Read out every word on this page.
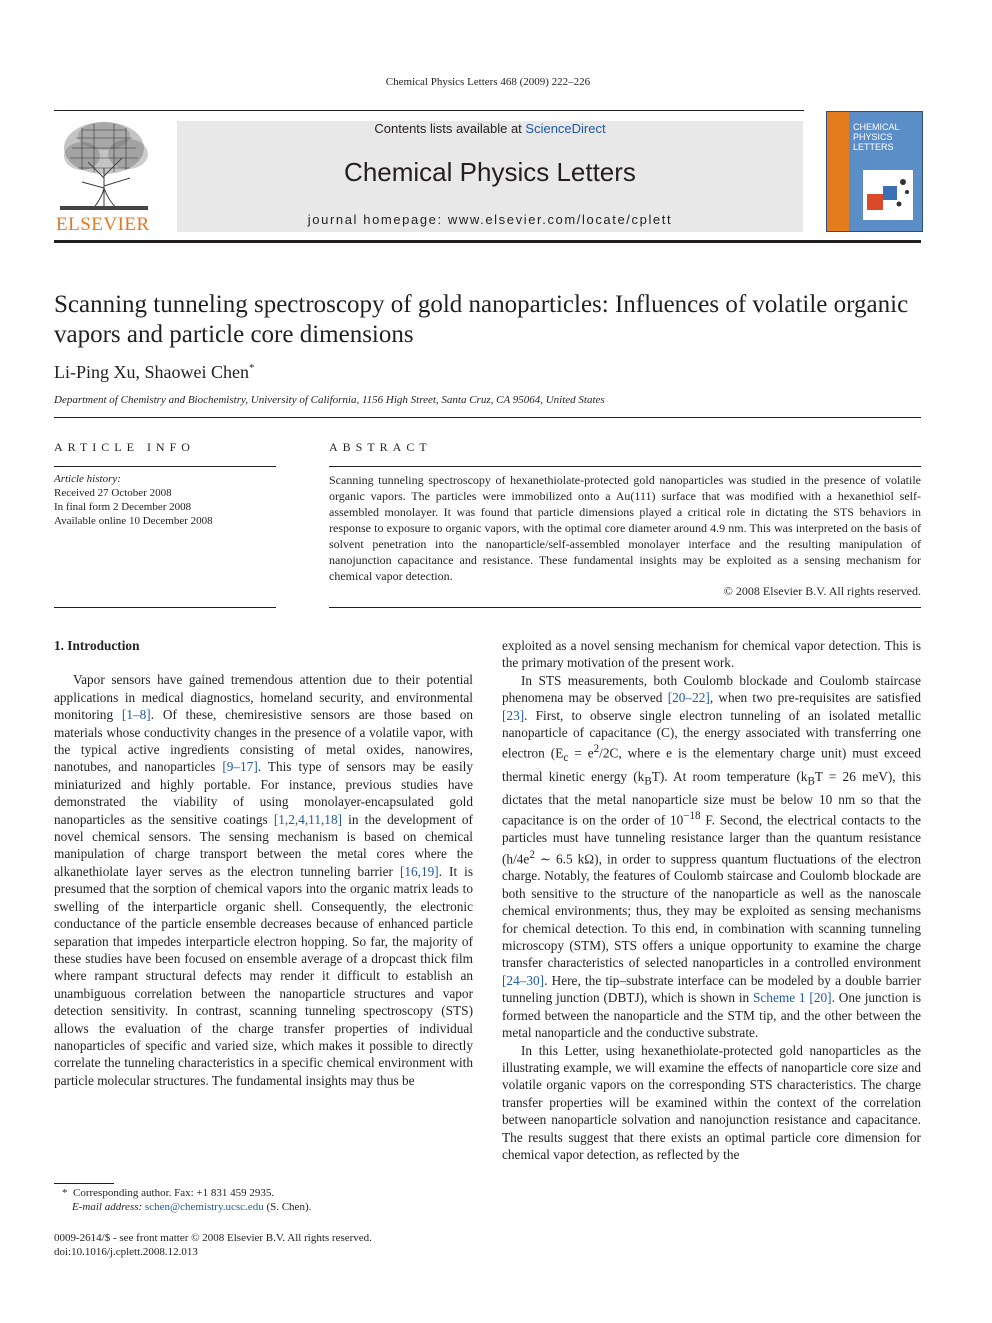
Chemical Physics Letters 468 (2009) 222–226
ELSEVIER
Contents lists available at ScienceDirect
Chemical Physics Letters
journal homepage: www.elsevier.com/locate/cplett
CHEMICAL
PHYSICS
LETTERS
Scanning tunneling spectroscopy of gold nanoparticles: Influences of volatile organic vapors and particle core dimensions
Li-Ping Xu, Shaowei Chen*
Department of Chemistry and Biochemistry, University of California, 1156 High Street, Santa Cruz, CA 95064, United States
ARTICLE INFO
Article history:
Received 27 October 2008
In final form 2 December 2008
Available online 10 December 2008
ABSTRACT
Scanning tunneling spectroscopy of hexanethiolate-protected gold nanoparticles was studied in the presence of volatile organic vapors. The particles were immobilized onto a Au(111) surface that was modified with a hexanethiol self-assembled monolayer. It was found that particle dimensions played a critical role in dictating the STS behaviors in response to exposure to organic vapors, with the optimal core diameter around 4.9 nm. This was interpreted on the basis of solvent penetration into the nanoparticle/self-assembled monolayer interface and the resulting manipulation of nanojunction capacitance and resistance. These fundamental insights may be exploited as a sensing mechanism for chemical vapor detection.
© 2008 Elsevier B.V. All rights reserved.
1. Introduction

Vapor sensors have gained tremendous attention due to their potential applications in medical diagnostics, homeland security, and environmental monitoring [1–8]. Of these, chemiresistive sensors are those based on materials whose conductivity changes in the presence of a volatile vapor, with the typical active ingredients consisting of metal oxides, nanowires, nanotubes, and nanoparticles [9–17]. This type of sensors may be easily miniaturized and highly portable. For instance, previous studies have demonstrated the viability of using monolayer-encapsulated gold nanoparticles as the sensitive coatings [1,2,4,11,18] in the development of novel chemical sensors. The sensing mechanism is based on chemical manipulation of charge transport between the metal cores where the alkanethiolate layer serves as the electron tunneling barrier [16,19]. It is presumed that the sorption of chemical vapors into the organic matrix leads to swelling of the interparticle organic shell. Consequently, the electronic conductance of the particle ensemble decreases because of enhanced particle separation that impedes interparticle electron hopping. So far, the majority of these studies have been focused on ensemble average of a dropcast thick film where rampant structural defects may render it difficult to establish an unambiguous correlation between the nanoparticle structures and vapor detection sensitivity. In contrast, scanning tunneling spectroscopy (STS) allows the evaluation of the charge transfer properties of individual nanoparticles of specific and varied size, which makes it possible to directly correlate the tunneling characteristics in a specific chemical environment with particle molecular structures. The fundamental insights may thus be

exploited as a novel sensing mechanism for chemical vapor detection. This is the primary motivation of the present work.

In STS measurements, both Coulomb blockade and Coulomb staircase phenomena may be observed [20–22], when two pre-requisites are satisfied [23]. First, to observe single electron tunneling of an isolated metallic nanoparticle of capacitance (C), the energy associated with transferring one electron ($E_c = e^2/2C$, where e is the elementary charge unit) must exceed thermal kinetic energy $(k_BT)$. At room temperature ($k_BT = 26$ meV), this dictates that the metal nanoparticle size must be below 10 nm so that the capacitance is on the order of $10^{-18}$ F. Second, the electrical contacts to the particles must have tunneling resistance larger than the quantum resistance ($h/4e^2$ ∼ 6.5 kΩ), in order to suppress quantum fluctuations of the electron charge. Notably, the features of Coulomb staircase and Coulomb blockade are both sensitive to the structure of the nanoparticle as well as the nanoscale chemical environments; thus, they may be exploited as sensing mechanisms for chemical detection. To this end, in combination with scanning tunneling microscopy (STM), STS offers a unique opportunity to examine the charge transfer characteristics of selected nanoparticles in a controlled environment [24–30]. Here, the tip–substrate interface can be modeled by a double barrier tunneling junction (DBTJ), which is shown in Scheme 1 [20]. One junction is formed between the nanoparticle and the STM tip, and the other between the metal nanoparticle and the conductive substrate.

In this Letter, using hexanethiolate-protected gold nanoparticles as the illustrating example, we will examine the effects of nanoparticle core size and volatile organic vapors on the corresponding STS characteristics. The charge transfer properties will be examined within the context of the correlation between nanoparticle solvation and nanojunction resistance and capacitance. The results suggest that there exists an optimal particle core dimension for chemical vapor detection, as reflected by the

* Corresponding author. Fax: +1 831 459 2935.
E-mail address: schen@chemistry.ucsc.edu (S. Chen).
0009-2614/$ - see front matter © 2008 Elsevier B.V. All rights reserved.
doi:10.1016/j.cplett.2008.12.013
